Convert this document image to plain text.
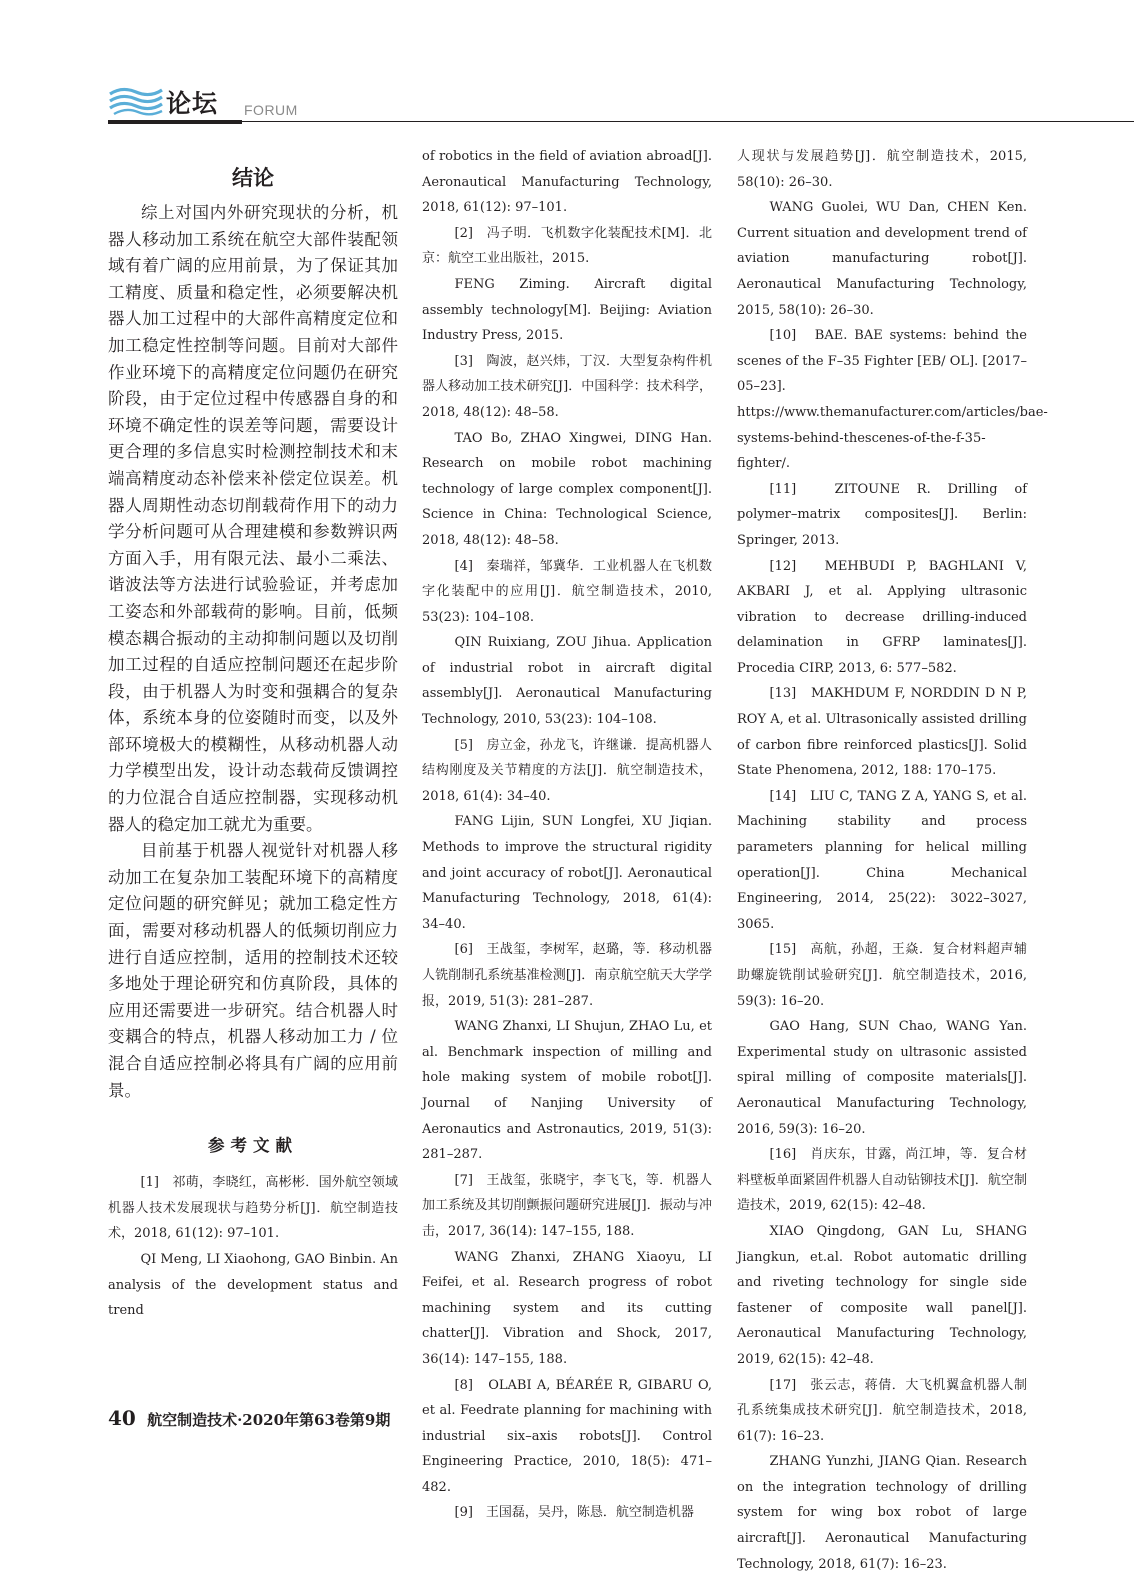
论坛 FORUM
结论

综上对国内外研究现状的分析，机器人移动加工系统在航空大部件装配领域有着广阔的应用前景，为了保证其加工精度、质量和稳定性，必须要解决机器人加工过程中的大部件高精度定位和加工稳定性控制等问题。目前对大部件作业环境下的高精度定位问题仍在研究阶段，由于定位过程中传感器自身的和环境不确定性的误差等问题，需要设计更合理的多信息实时检测控制技术和末端高精度动态补偿来补偿定位误差。机器人周期性动态切削载荷作用下的动力学分析问题可从合理建模和参数辨识两方面入手，用有限元法、最小二乘法、谐波法等方法进行试验验证，并考虑加工姿态和外部载荷的影响。目前，低频模态耦合振动的主动抑制问题以及切削加工过程的自适应控制问题还在起步阶段，由于机器人为时变和强耦合的复杂体，系统本身的位姿随时而变，以及外部环境极大的模糊性，从移动机器人动力学模型出发，设计动态载荷反馈调控的力位混合自适应控制器，实现移动机器人的稳定加工就尤为重要。

目前基于机器人视觉针对机器人移动加工在复杂加工装配环境下的高精度定位问题的研究鲜见；就加工稳定性方面，需要对移动机器人的低频切削应力进行自适应控制，适用的控制技术还较多地处于理论研究和仿真阶段，具体的应用还需要进一步研究。结合机器人时变耦合的特点，机器人移动加工力 / 位混合自适应控制必将具有广阔的应用前景。

参考文献

[1]　祁萌，李晓红，高彬彬．国外航空领域机器人技术发展现状与趋势分析[J]．航空制造技术，2018, 61(12): 97–101.

QI Meng, LI Xiaohong, GAO Binbin. An analysis of the development status and trend

of robotics in the field of aviation abroad[J]. Aeronautical Manufacturing Technology, 2018, 61(12): 97–101.

[2]　冯子明．飞机数字化装配技术[M]．北京：航空工业出版社，2015.

FENG Ziming. Aircraft digital assembly technology[M]. Beijing: Aviation Industry Press, 2015.

[3]　陶波，赵兴炜，丁汉．大型复杂构件机器人移动加工技术研究[J]．中国科学：技术科学，2018, 48(12): 48–58.

TAO Bo, ZHAO Xingwei, DING Han. Research on mobile robot machining technology of large complex component[J]. Science in China: Technological Science, 2018, 48(12): 48–58.

[4]　秦瑞祥，邹冀华．工业机器人在飞机数字化装配中的应用[J]．航空制造技术，2010, 53(23): 104–108.

QIN Ruixiang, ZOU Jihua. Application of industrial robot in aircraft digital assembly[J]. Aeronautical Manufacturing Technology, 2010, 53(23): 104–108.

[5]　房立金，孙龙飞，许继谦．提高机器人结构刚度及关节精度的方法[J]．航空制造技术，2018, 61(4): 34–40.

FANG Lijin, SUN Longfei, XU Jiqian. Methods to improve the structural rigidity and joint accuracy of robot[J]. Aeronautical Manufacturing Technology, 2018, 61(4): 34–40.

[6]　王战玺，李树军，赵璐，等．移动机器人铣削制孔系统基准检测[J]．南京航空航天大学学报，2019, 51(3): 281–287.

WANG Zhanxi, LI Shujun, ZHAO Lu, et al. Benchmark inspection of milling and hole making system of mobile robot[J]. Journal of Nanjing University of Aeronautics and Astronautics, 2019, 51(3): 281–287.

[7]　王战玺，张晓宇，李飞飞，等．机器人加工系统及其切削颤振问题研究进展[J]．振动与冲击，2017, 36(14): 147–155, 188.

WANG Zhanxi, ZHANG Xiaoyu, LI Feifei, et al. Research progress of robot machining system and its cutting chatter[J]. Vibration and Shock, 2017, 36(14): 147–155, 188.

[8]　OLABI A, BÉARÉE R, GIBARU O, et al. Feedrate planning for machining with industrial six–axis robots[J]. Control Engineering Practice, 2010, 18(5): 471–482.

[9]　王国磊，吴丹，陈恳．航空制造机器

人现状与发展趋势[J]．航空制造技术，2015, 58(10): 26–30.

WANG Guolei, WU Dan, CHEN Ken. Current situation and development trend of aviation manufacturing robot[J]. Aeronautical Manufacturing Technology, 2015, 58(10): 26–30.

[10]　BAE. BAE systems: behind the scenes of the F–35 Fighter [EB/ OL]. [2017–05–23]. https://www.themanufacturer.com/articles/bae-systems-behind-thescenes-of-the-f-35-fighter/.

[11]　ZITOUNE R. Drilling of polymer–matrix composites[J]. Berlin: Springer, 2013.

[12]　MEHBUDI P, BAGHLANI V, AKBARI J, et al. Applying ultrasonic vibration to decrease drilling-induced delamination in GFRP laminates[J]. Procedia CIRP, 2013, 6: 577–582.

[13]　MAKHDUM F, NORDDIN D N P, ROY A, et al. Ultrasonically assisted drilling of carbon fibre reinforced plastics[J]. Solid State Phenomena, 2012, 188: 170–175.

[14]　LIU C, TANG Z A, YANG S, et al. Machining stability and process parameters planning for helical milling operation[J]. China Mechanical Engineering, 2014, 25(22): 3022–3027, 3065.

[15]　高航，孙超，王焱．复合材料超声辅助螺旋铣削试验研究[J]．航空制造技术，2016, 59(3): 16–20.

GAO Hang, SUN Chao, WANG Yan. Experimental study on ultrasonic assisted spiral milling of composite materials[J]. Aeronautical Manufacturing Technology, 2016, 59(3): 16–20.

[16]　肖庆东，甘露，尚江坤，等．复合材料壁板单面紧固件机器人自动钻铆技术[J]．航空制造技术，2019, 62(15): 42–48.

XIAO Qingdong, GAN Lu, SHANG Jiangkun, et.al. Robot automatic drilling and riveting technology for single side fastener of composite wall panel[J]. Aeronautical Manufacturing Technology, 2019, 62(15): 42–48.

[17]　张云志，蒋倩．大飞机翼盒机器人制孔系统集成技术研究[J]．航空制造技术，2018, 61(7): 16–23.

ZHANG Yunzhi, JIANG Qian. Research on the integration technology of drilling system for wing box robot of large aircraft[J]. Aeronautical Manufacturing Technology, 2018, 61(7): 16–23.

40 航空制造技术·2020年第63卷第9期
